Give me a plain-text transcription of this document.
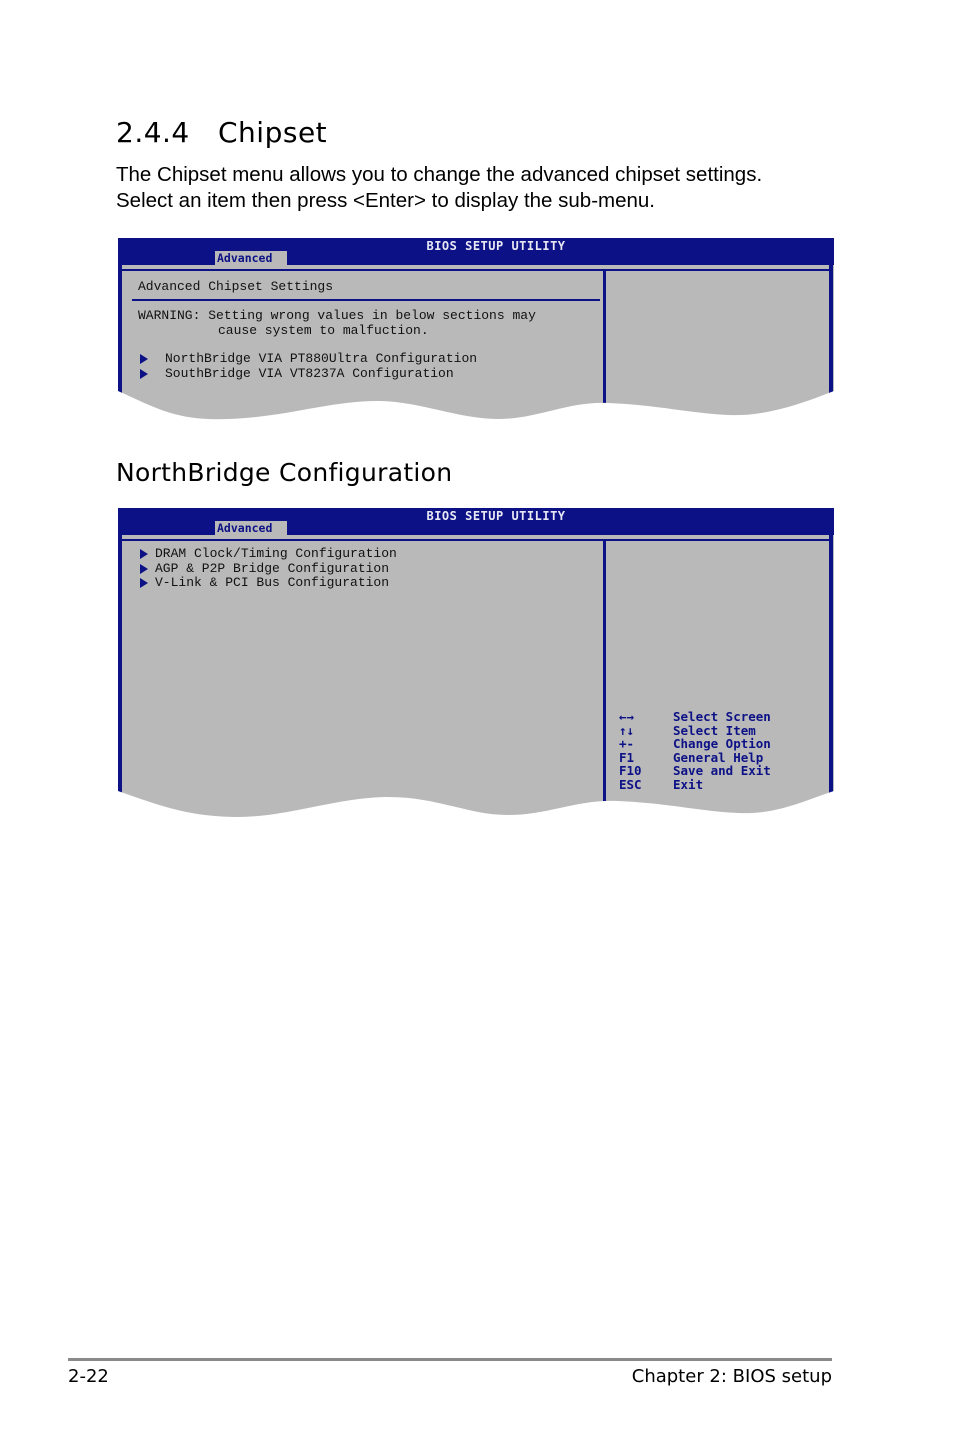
2.4.4 Chipset
The Chipset menu allows you to change the advanced chipset settings.
Select an item then press <Enter> to display the sub-menu.
BIOS SETUP UTILITY
Advanced
Advanced Chipset Settings
WARNING: Setting wrong values in below sections may
cause system to malfuction.

NorthBridge VIA PT880Ultra Configuration

SouthBridge VIA VT8237A Configuration

NorthBridge Configuration
BIOS SETUP UTILITY
Advanced

DRAM Clock/Timing Configuration

AGP & P2P Bridge Configuration

V-Link & PCI Bus Configuration

←→	Select Screen
↑↓	Select Item
+-	Change Option
F1	General Help
F10	Save and Exit
ESC	Exit
2-22	Chapter 2: BIOS setup
